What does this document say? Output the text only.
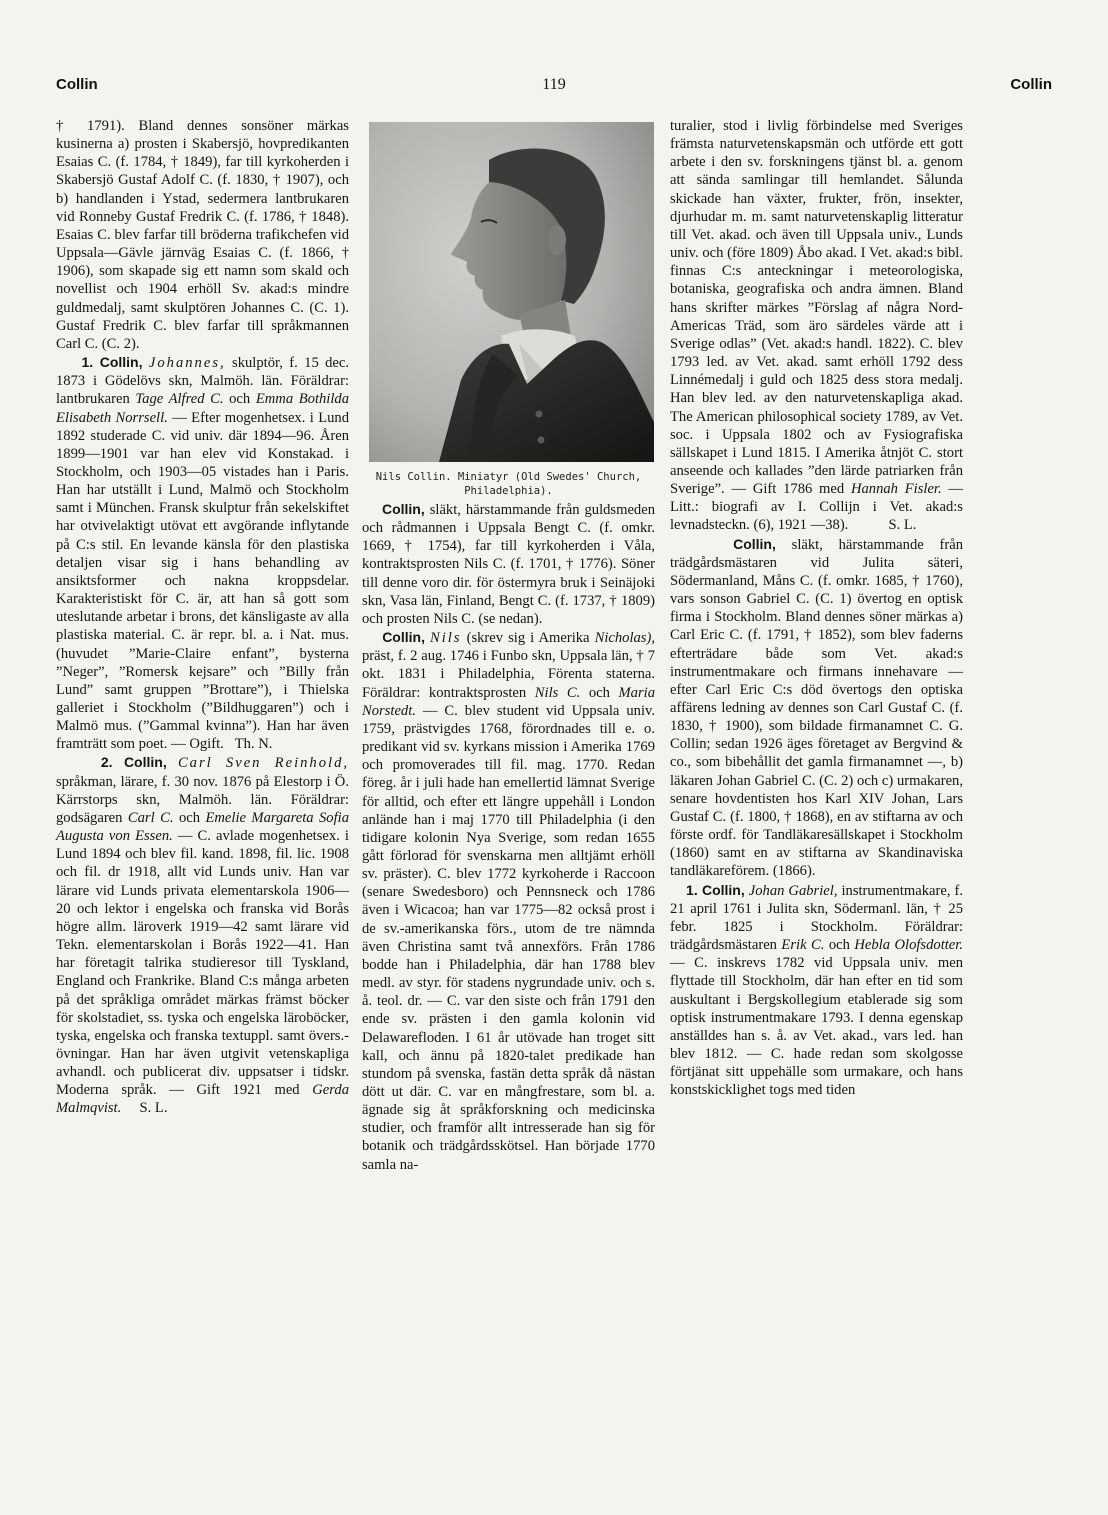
Collin	119	Collin

† 1791). Bland dennes sonsöner märkas kusinerna a) prosten i Skabersjö, hovpredikanten Esaias C. (f. 1784, † 1849), far till kyrkoherden i Skabersjö Gustaf Adolf C. (f. 1830, † 1907), och b) handlanden i Ystad, sedermera lantbrukaren vid Ronneby Gustaf Fredrik C. (f. 1786, † 1848). Esaias C. blev farfar till bröderna trafikchefen vid Uppsala—Gävle järnväg Esaias C. (f. 1866, † 1906), som skapade sig ett namn som skald och novellist och 1904 erhöll Sv. akad:s mindre guldmedalj, samt skulptören Johannes C. (C. 1). Gustaf Fredrik C. blev farfar till språkmannen Carl C. (C. 2).

1. Collin, Johannes, skulptör, f. 15 dec. 1873 i Gödelövs skn, Malmöh. län. Föräldrar: lantbrukaren Tage Alfred C. och Emma Bothilda Elisabeth Norrsell. — Efter mogenhetsex. i Lund 1892 studerade C. vid univ. där 1894—96. Åren 1899—1901 var han elev vid Konstakad. i Stockholm, och 1903—05 vistades han i Paris. Han har utställt i Lund, Malmö och Stockholm samt i München. Fransk skulptur från sekelskiftet har otvivelaktigt utövat ett avgörande inflytande på C:s stil. En levande känsla för den plastiska detaljen visar sig i hans behandling av ansiktsformer och nakna kroppsdelar. Karakteristiskt för C. är, att han så gott som uteslutande arbetar i brons, det känsligaste av alla plastiska material. C. är repr. bl. a. i Nat. mus. (huvudet ”Marie-Claire enfant”, bysterna ”Neger”, ”Romersk kejsare” och ”Billy från Lund” samt gruppen ”Brottare”), i Thielska galleriet i Stockholm (”Bildhuggaren”) och i Malmö mus. (”Gammal kvinna”). Han har även framträtt som poet. — Ogift. Th. N.

2. Collin, Carl Sven Reinhold, språkman, lärare, f. 30 nov. 1876 på Elestorp i Ö. Kärrstorps skn, Malmöh. län. Föräldrar: godsägaren Carl C. och Emelie Margareta Sofia Augusta von Essen. — C. avlade mogenhetsex. i Lund 1894 och blev fil. kand. 1898, fil. lic. 1908 och fil. dr 1918, allt vid Lunds univ. Han var lärare vid Lunds privata elementarskola 1906—20 och lektor i engelska och franska vid Borås högre allm. läroverk 1919—42 samt lärare vid Tekn. elementarskolan i Borås 1922—41. Han har företagit talrika studieresor till Tyskland, England och Frankrike. Bland C:s många arbeten på det språkliga området märkas främst böcker för skolstadiet, ss. tyska och engelska läroböcker, tyska, engelska och franska textuppl. samt övers.-övningar. Han har även utgivit vetenskapliga avhandl. och publicerat div. uppsatser i tidskr. Moderna språk. — Gift 1921 med Gerda Malmqvist. S. L.

Nils Collin. Miniatyr (Old Swedes' Church, Philadelphia).

Collin, släkt, härstammande från guldsmeden och rådmannen i Uppsala Bengt C. (f. omkr. 1669, † 1754), far till kyrkoherden i Våla, kontraktsprosten Nils C. (f. 1701, † 1776). Söner till denne voro dir. för östermyra bruk i Seinäjoki skn, Vasa län, Finland, Bengt C. (f. 1737, † 1809) och prosten Nils C. (se nedan).

Collin, Nils (skrev sig i Amerika Nicholas), präst, f. 2 aug. 1746 i Funbo skn, Uppsala län, † 7 okt. 1831 i Philadelphia, Förenta staterna. Föräldrar: kontraktsprosten Nils C. och Maria Norstedt. — C. blev student vid Uppsala univ. 1759, prästvigdes 1768, förordnades till e. o. predikant vid sv. kyrkans mission i Amerika 1769 och promoverades till fil. mag. 1770. Redan föreg. år i juli hade han emellertid lämnat Sverige för alltid, och efter ett längre uppehåll i London anlände han i maj 1770 till Philadelphia (i den tidigare kolonin Nya Sverige, som redan 1655 gått förlorad för svenskarna men alltjämt erhöll sv. präster). C. blev 1772 kyrkoherde i Raccoon (senare Swedesboro) och Pennsneck och 1786 även i Wicacoa; han var 1775—82 också prost i de sv.-amerikanska förs., utom de tre nämnda även Christina samt två annexförs. Från 1786 bodde han i Philadelphia, där han 1788 blev medl. av styr. för stadens nygrundade univ. och s. å. teol. dr. — C. var den siste och från 1791 den ende sv. prästen i den gamla kolonin vid Delawarefloden. I 61 år utövade han troget sitt kall, och ännu på 1820-talet predikade han stundom på svenska, fastän detta språk då nästan dött ut där. C. var en mångfrestare, som bl. a. ägnade sig åt språkforskning och medicinska studier, och framför allt intresserade han sig för botanik och trädgårdsskötsel. Han började 1770 samla na-

turalier, stod i livlig förbindelse med Sveriges främsta naturvetenskapsmän och utförde ett gott arbete i den sv. forskningens tjänst bl. a. genom att sända samlingar till hemlandet. Sålunda skickade han växter, frukter, frön, insekter, djurhudar m. m. samt naturvetenskaplig litteratur till Vet. akad. och även till Uppsala univ., Lunds univ. och (före 1809) Åbo akad. I Vet. akad:s bibl. finnas C:s anteckningar i meteorologiska, botaniska, geografiska och andra ämnen. Bland hans skrifter märkes ”Förslag af några Nord-Americas Träd, som äro särdeles värde att i Sverige odlas” (Vet. akad:s handl. 1822). C. blev 1793 led. av Vet. akad. samt erhöll 1792 dess Linnémedalj i guld och 1825 dess stora medalj. Han blev led. av den naturvetenskapliga akad. The American philosophical society 1789, av Vet. soc. i Uppsala 1802 och av Fysiografiska sällskapet i Lund 1815. I Amerika åtnjöt C. stort anseende och kallades ”den lärde patriarken från Sverige”. — Gift 1786 med Hannah Fisler. — Litt.: biografi av I. Collijn i Vet. akad:s levnadsteckn. (6), 1921 —38).	S. L.

Collin, släkt, härstammande från trädgårdsmästaren vid Julita säteri, Södermanland, Måns C. (f. omkr. 1685, † 1760), vars sonson Gabriel C. (C. 1) övertog en optisk firma i Stockholm. Bland dennes söner märkas a) Carl Eric C. (f. 1791, † 1852), som blev faderns efterträdare både som Vet. akad:s instrumentmakare och firmans innehavare — efter Carl Eric C:s död övertogs den optiska affärens ledning av dennes son Carl Gustaf C. (f. 1830, † 1900), som bildade firmanamnet C. G. Collin; sedan 1926 äges företaget av Bergvind & co., som bibehållit det gamla firmanamnet —, b) läkaren Johan Gabriel C. (C. 2) och c) urmakaren, senare hovdentisten hos Karl XIV Johan, Lars Gustaf C. (f. 1800, † 1868), en av stiftarna av och förste ordf. för Tandläkaresällskapet i Stockholm (1860) samt en av stiftarna av Skandinaviska tandläkareförem. (1866).

1. Collin, Johan Gabriel, instrumentmakare, f. 21 april 1761 i Julita skn, Södermanl. län, † 25 febr. 1825 i Stockholm. Föräldrar: trädgårdsmästaren Erik C. och Hebla Olofsdotter. — C. inskrevs 1782 vid Uppsala univ. men flyttade till Stockholm, där han efter en tid som auskultant i Bergskollegium etablerade sig som optisk instrumentmakare 1793. I denna egenskap anställdes han s. å. av Vet. akad., vars led. han blev 1812. — C. hade redan som skolgosse förtjänat sitt uppehälle som urmakare, och hans konstskicklighet togs med tiden
